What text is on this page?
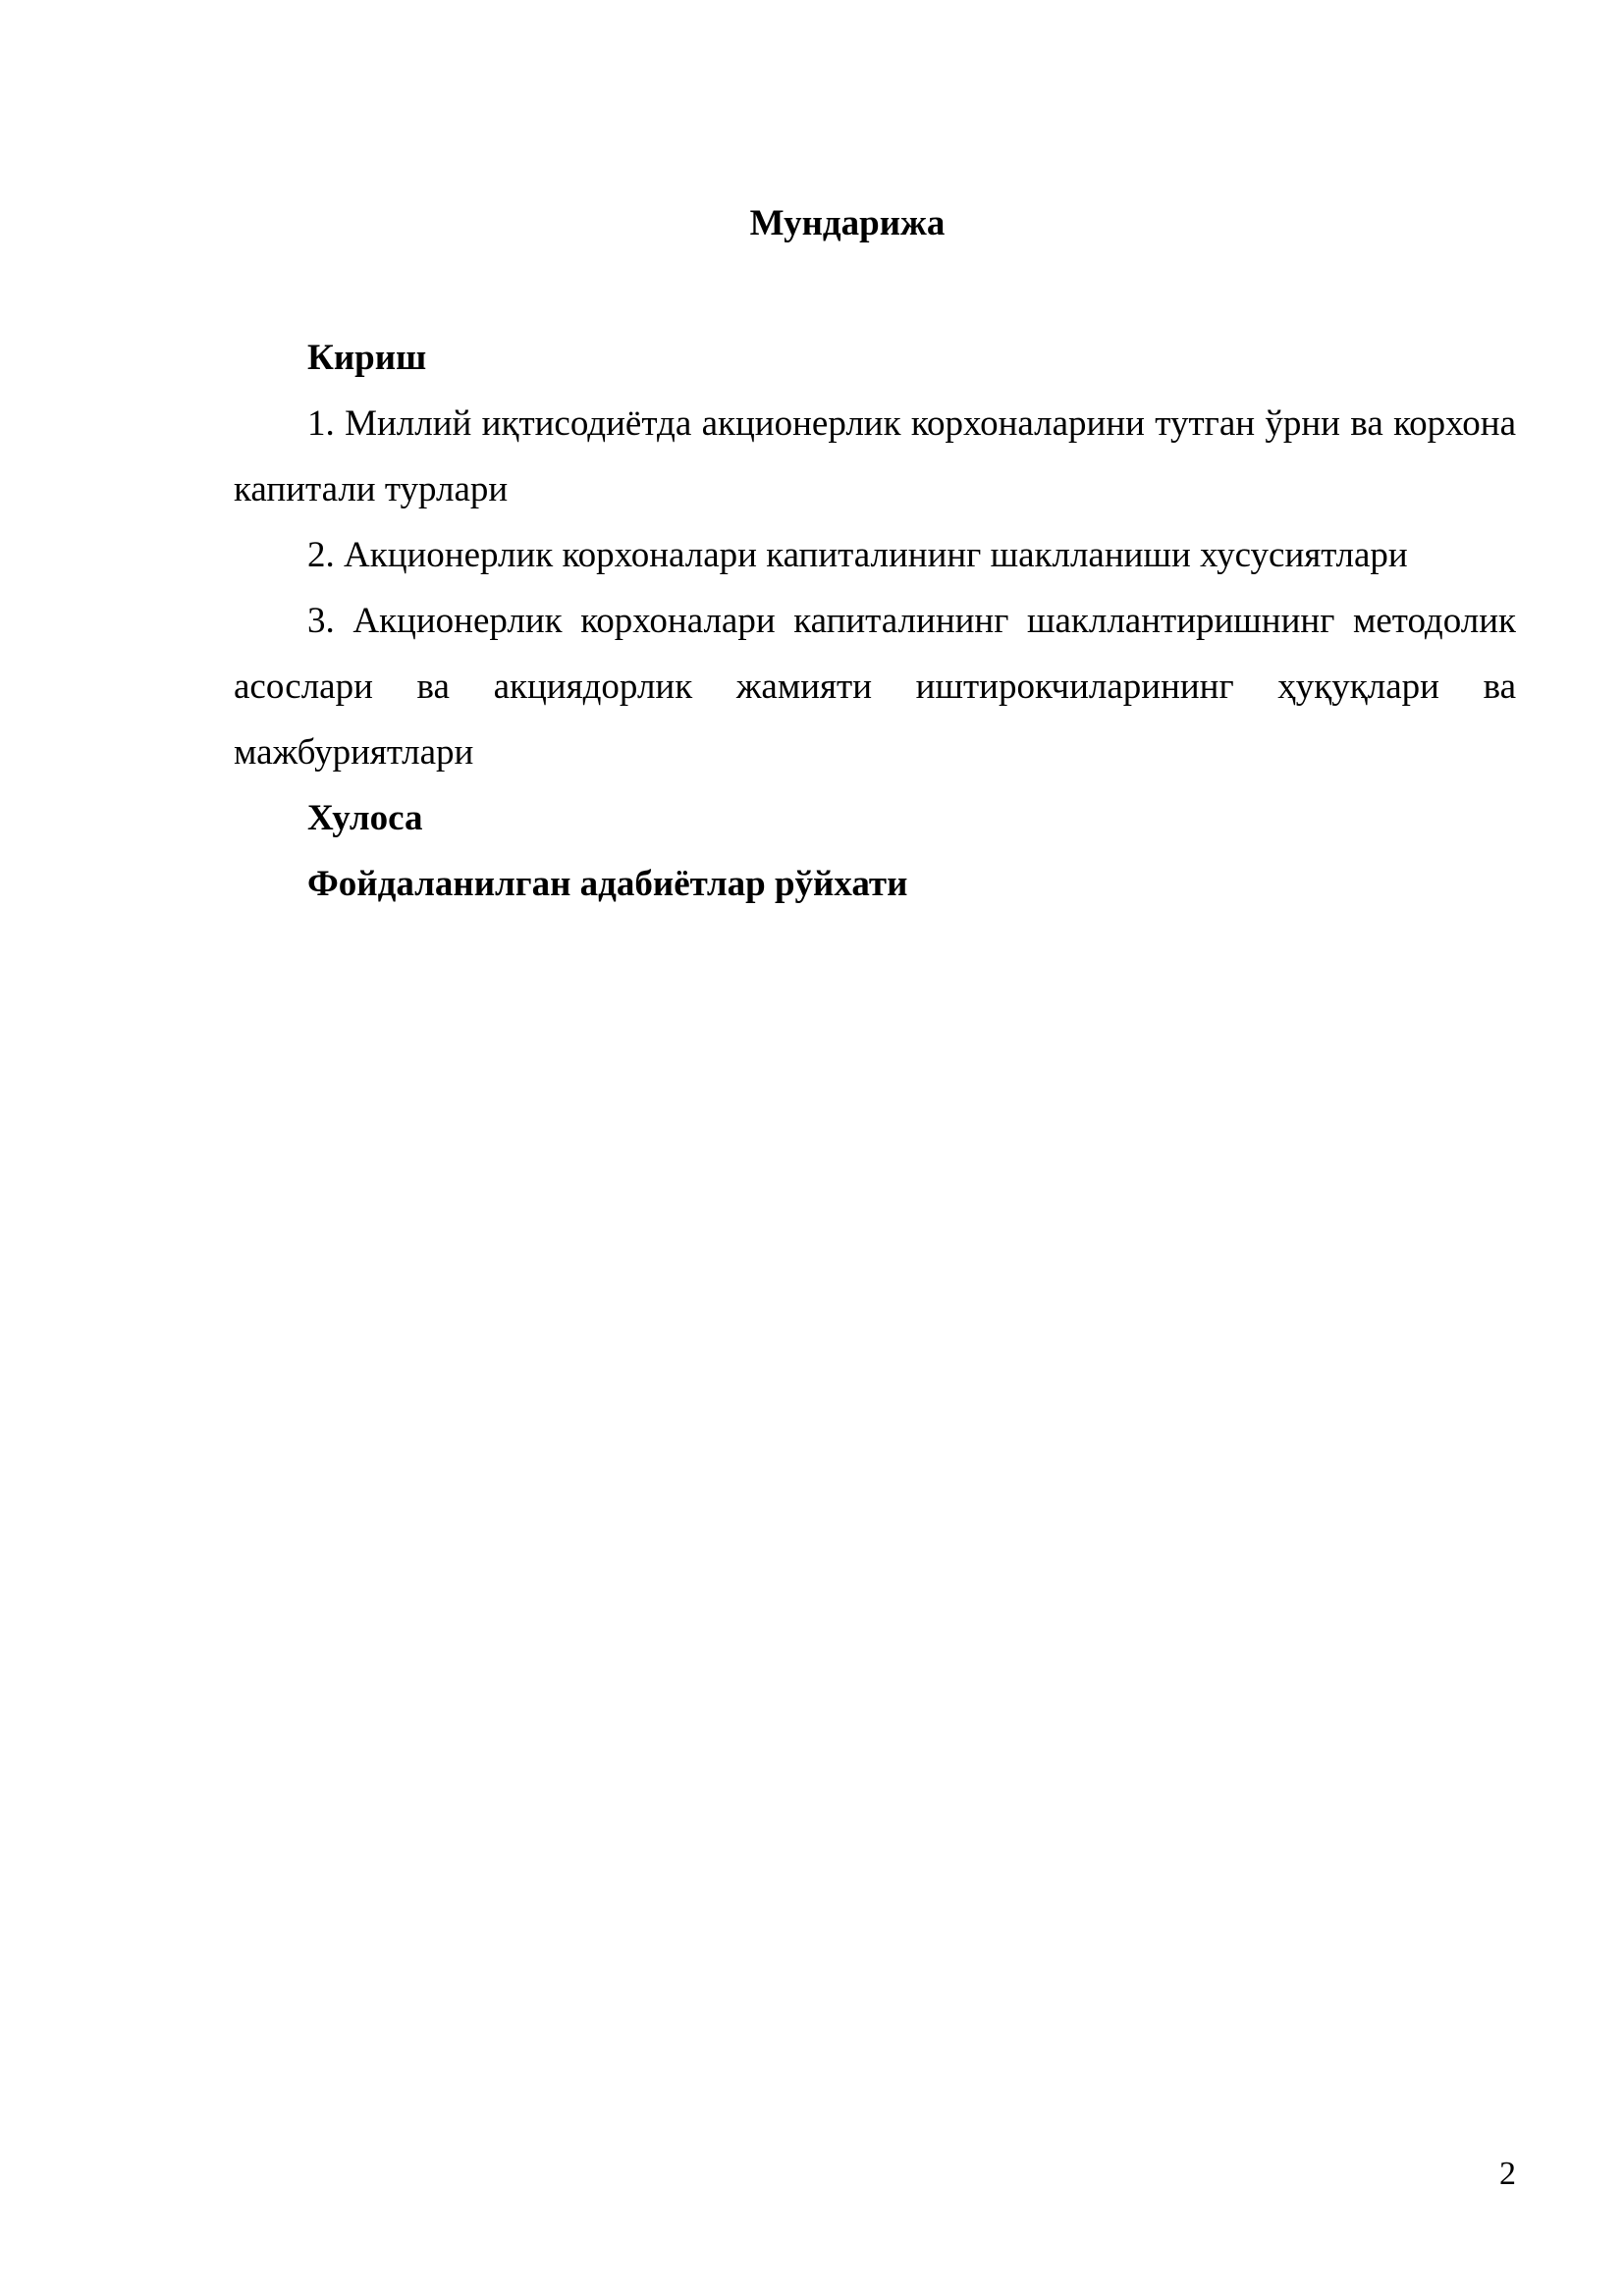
Мундарижа

Кириш

1. Миллий иқтисодиётда акционерлик корхоналарини тутган ўрни ва корхона капитали турлари

2. Акционерлик корхоналари капиталининг шаклланиши хусусиятлари

3. Акционерлик корхоналари капиталининг шакллантиришнинг методолик асослари ва акциядорлик жамияти иштирокчиларининг ҳуқуқлари ва мажбуриятлари

Хулоса

Фойдаланилган адабиётлар рўйхати

2
